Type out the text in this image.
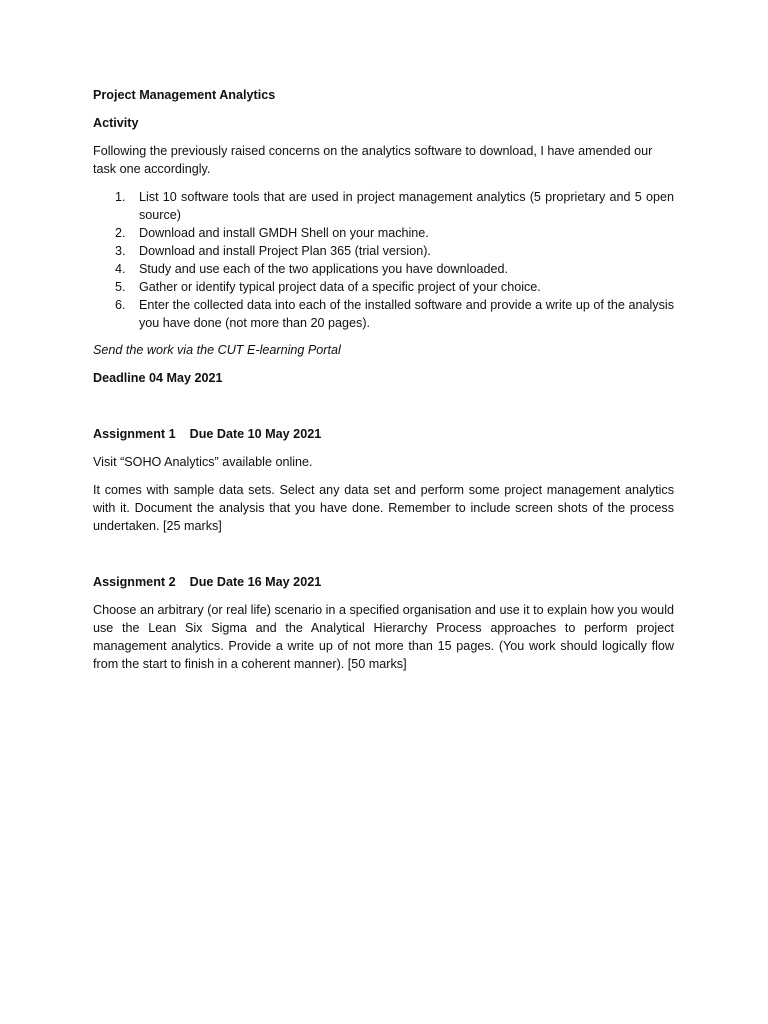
Project Management Analytics

Activity

Following the previously raised concerns on the analytics software to download, I have amended our task one accordingly.

1. List 10 software tools that are used in project management analytics (5 proprietary and 5 open source)
2. Download and install GMDH Shell on your machine.
3. Download and install Project Plan 365 (trial version).
4. Study and use each of the two applications you have downloaded.
5. Gather or identify typical project data of a specific project of your choice.
6. Enter the collected data into each of the installed software and provide a write up of the analysis you have done (not more than 20 pages).

Send the work via the CUT E-learning Portal

Deadline 04 May 2021

Assignment 1 Due Date 10 May 2021

Visit “SOHO Analytics” available online.

It comes with sample data sets. Select any data set and perform some project management analytics with it. Document the analysis that you have done. Remember to include screen shots of the process undertaken. [25 marks]

Assignment 2 Due Date 16 May 2021

Choose an arbitrary (or real life) scenario in a specified organisation and use it to explain how you would use the Lean Six Sigma and the Analytical Hierarchy Process approaches to perform project management analytics. Provide a write up of not more than 15 pages. (You work should logically flow from the start to finish in a coherent manner). [50 marks]
